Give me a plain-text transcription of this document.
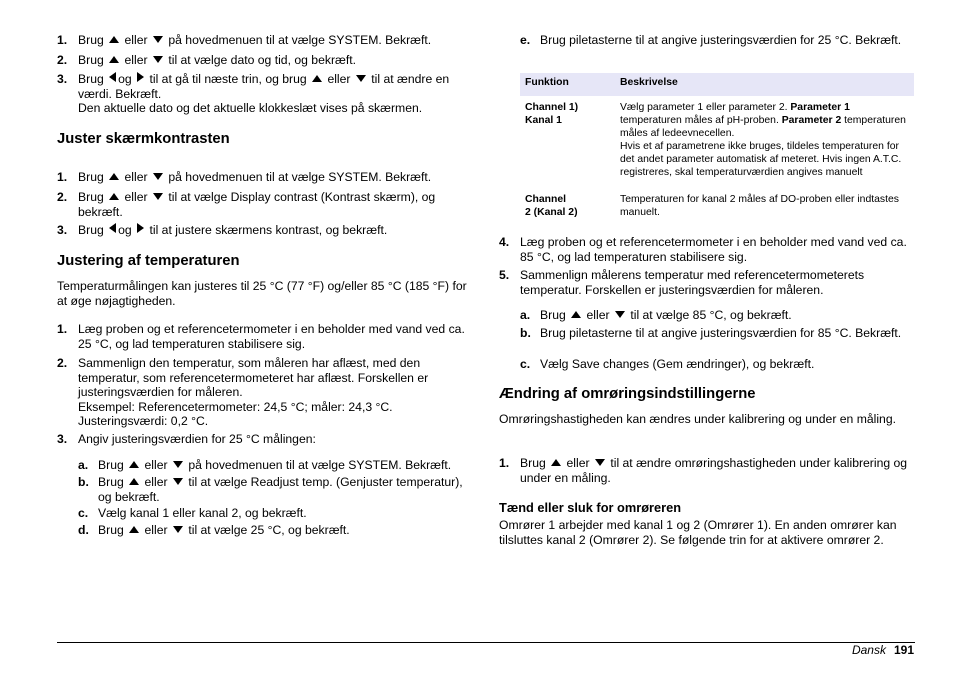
1. Brug eller på hovedmenuen til at vælge SYSTEM. Bekræft.
2. Brug eller til at vælge dato og tid, og bekræft.
3. Brug og til at gå til næste trin, og brug eller til at ændre en værdi. Bekræft.
Den aktuelle dato og det aktuelle klokkeslæt vises på skærmen.
Juster skærmkontrasten
1. Brug eller på hovedmenuen til at vælge SYSTEM. Bekræft.
2. Brug eller til at vælge Display contrast (Kontrast skærm), og bekræft.
3. Brug og til at justere skærmens kontrast, og bekræft.
Justering af temperaturen

Temperaturmålingen kan justeres til 25 °C (77 °F) og/eller 85 °C (185 °F) for at øge nøjagtigheden.

1. Læg proben og et referencetermometer i en beholder med vand ved ca. 25 °C, og lad temperaturen stabilisere sig.
2. Sammenlign den temperatur, som måleren har aflæst, med den temperatur, som referencetermometeret har aflæst. Forskellen er justeringsværdien for måleren.
Eksempel: Referencetermometer: 24,5 °C; måler: 24,3 °C. Justeringsværdi: 0,2 °C.
3. Angiv justeringsværdien for 25 °C målingen:
a. Brug eller på hovedmenuen til at vælge SYSTEM. Bekræft.
b. Brug eller til at vælge Readjust temp. (Genjuster temperatur), og bekræft.
c. Vælg kanal 1 eller kanal 2, og bekræft.
d. Brug eller til at vælge 25 °C, og bekræft.
e. Brug piletasterne til at angive justeringsværdien for 25 °C. Bekræft.
Funktion	Beskrivelse
Channel 1)
Kanal 1	Vælg parameter 1 eller parameter 2. Parameter 1 temperaturen måles af pH-proben. Parameter 2 temperaturen måles af ledeevnecellen.
Hvis et af parametrene ikke bruges, tildeles temperaturen for det andet parameter automatisk af meteret. Hvis ingen A.T.C. registreres, skal temperaturværdien angives manuelt
Channel
2 (Kanal 2)	Temperaturen for kanal 2 måles af DO-proben eller indtastes manuelt.
4. Læg proben og et referencetermometer i en beholder med vand ved ca. 85 °C, og lad temperaturen stabilisere sig.
5. Sammenlign målerens temperatur med referencetermometerets temperatur. Forskellen er justeringsværdien for måleren.
a. Brug eller til at vælge 85 °C, og bekræft.
b. Brug piletasterne til at angive justeringsværdien for 85 °C. Bekræft.
c. Vælg Save changes (Gem ændringer), og bekræft.
Ændring af omrøringsindstillingerne

Omrøringshastigheden kan ændres under kalibrering og under en måling.

1. Brug eller til at ændre omrøringshastigheden under kalibrering og under en måling.
Tænd eller sluk for omrøreren

Omrører 1 arbejder med kanal 1 og 2 (Omrører 1). En anden omrører kan tilsluttes kanal 2 (Omrører 2). Se følgende trin for at aktivere omrører 2.

Dansk 191
